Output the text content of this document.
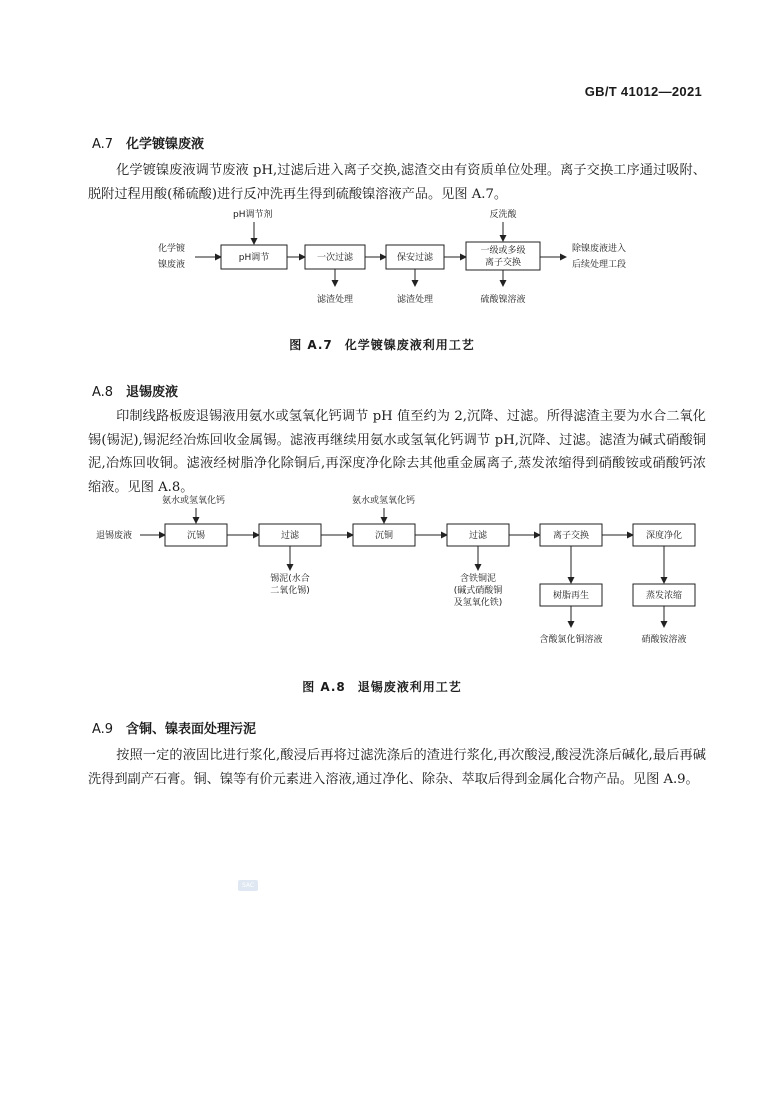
GB/T 41012—2021
A.7 化学镀镍废液
化学镀镍废液调节废液 pH,过滤后进入离子交换,滤渣交由有资质单位处理。离子交换工序通过吸附、脱附过程用酸(稀硫酸)进行反冲洗再生得到硫酸镍溶液产品。见图 A.7。
化学镀
镍废液
pH调节剂
pH调节	一次过滤
滤渣处理
保安过滤
滤渣处理
反洗酸
一级或多级
离子交换
硫酸镍溶液
除镍废液进入
后续处理工段
图 A.7 化学镀镍废液利用工艺
A.8 退锡废液
印制线路板废退锡液用氨水或氢氧化钙调节 pH 值至约为 2,沉降、过滤。所得滤渣主要为水合二氧化锡(锡泥),锡泥经冶炼回收金属锡。滤液再继续用氨水或氢氧化钙调节 pH,沉降、过滤。滤渣为碱式硝酸铜泥,冶炼回收铜。滤液经树脂净化除铜后,再深度净化除去其他重金属离子,蒸发浓缩得到硝酸铵或硝酸钙浓缩液。见图 A.8。
退锡废液
氨水或氢氧化钙
沉锡	过滤
锡泥(水合
二氧化锡)
氨水或氢氧化钙
沉铜	过滤
含铁铜泥
(碱式硝酸铜
及氢氧化铁)
离子交换
树脂再生
含酸氯化铜溶液
深度净化
蒸发浓缩
硝酸铵溶液
图 A.8 退锡废液利用工艺
A.9 含铜、镍表面处理污泥
按照一定的液固比进行浆化,酸浸后再将过滤洗涤后的渣进行浆化,再次酸浸,酸浸洗涤后碱化,最后再碱洗得到副产石膏。铜、镍等有价元素进入溶液,通过净化、除杂、萃取后得到金属化合物产品。见图 A.9。
SAC
